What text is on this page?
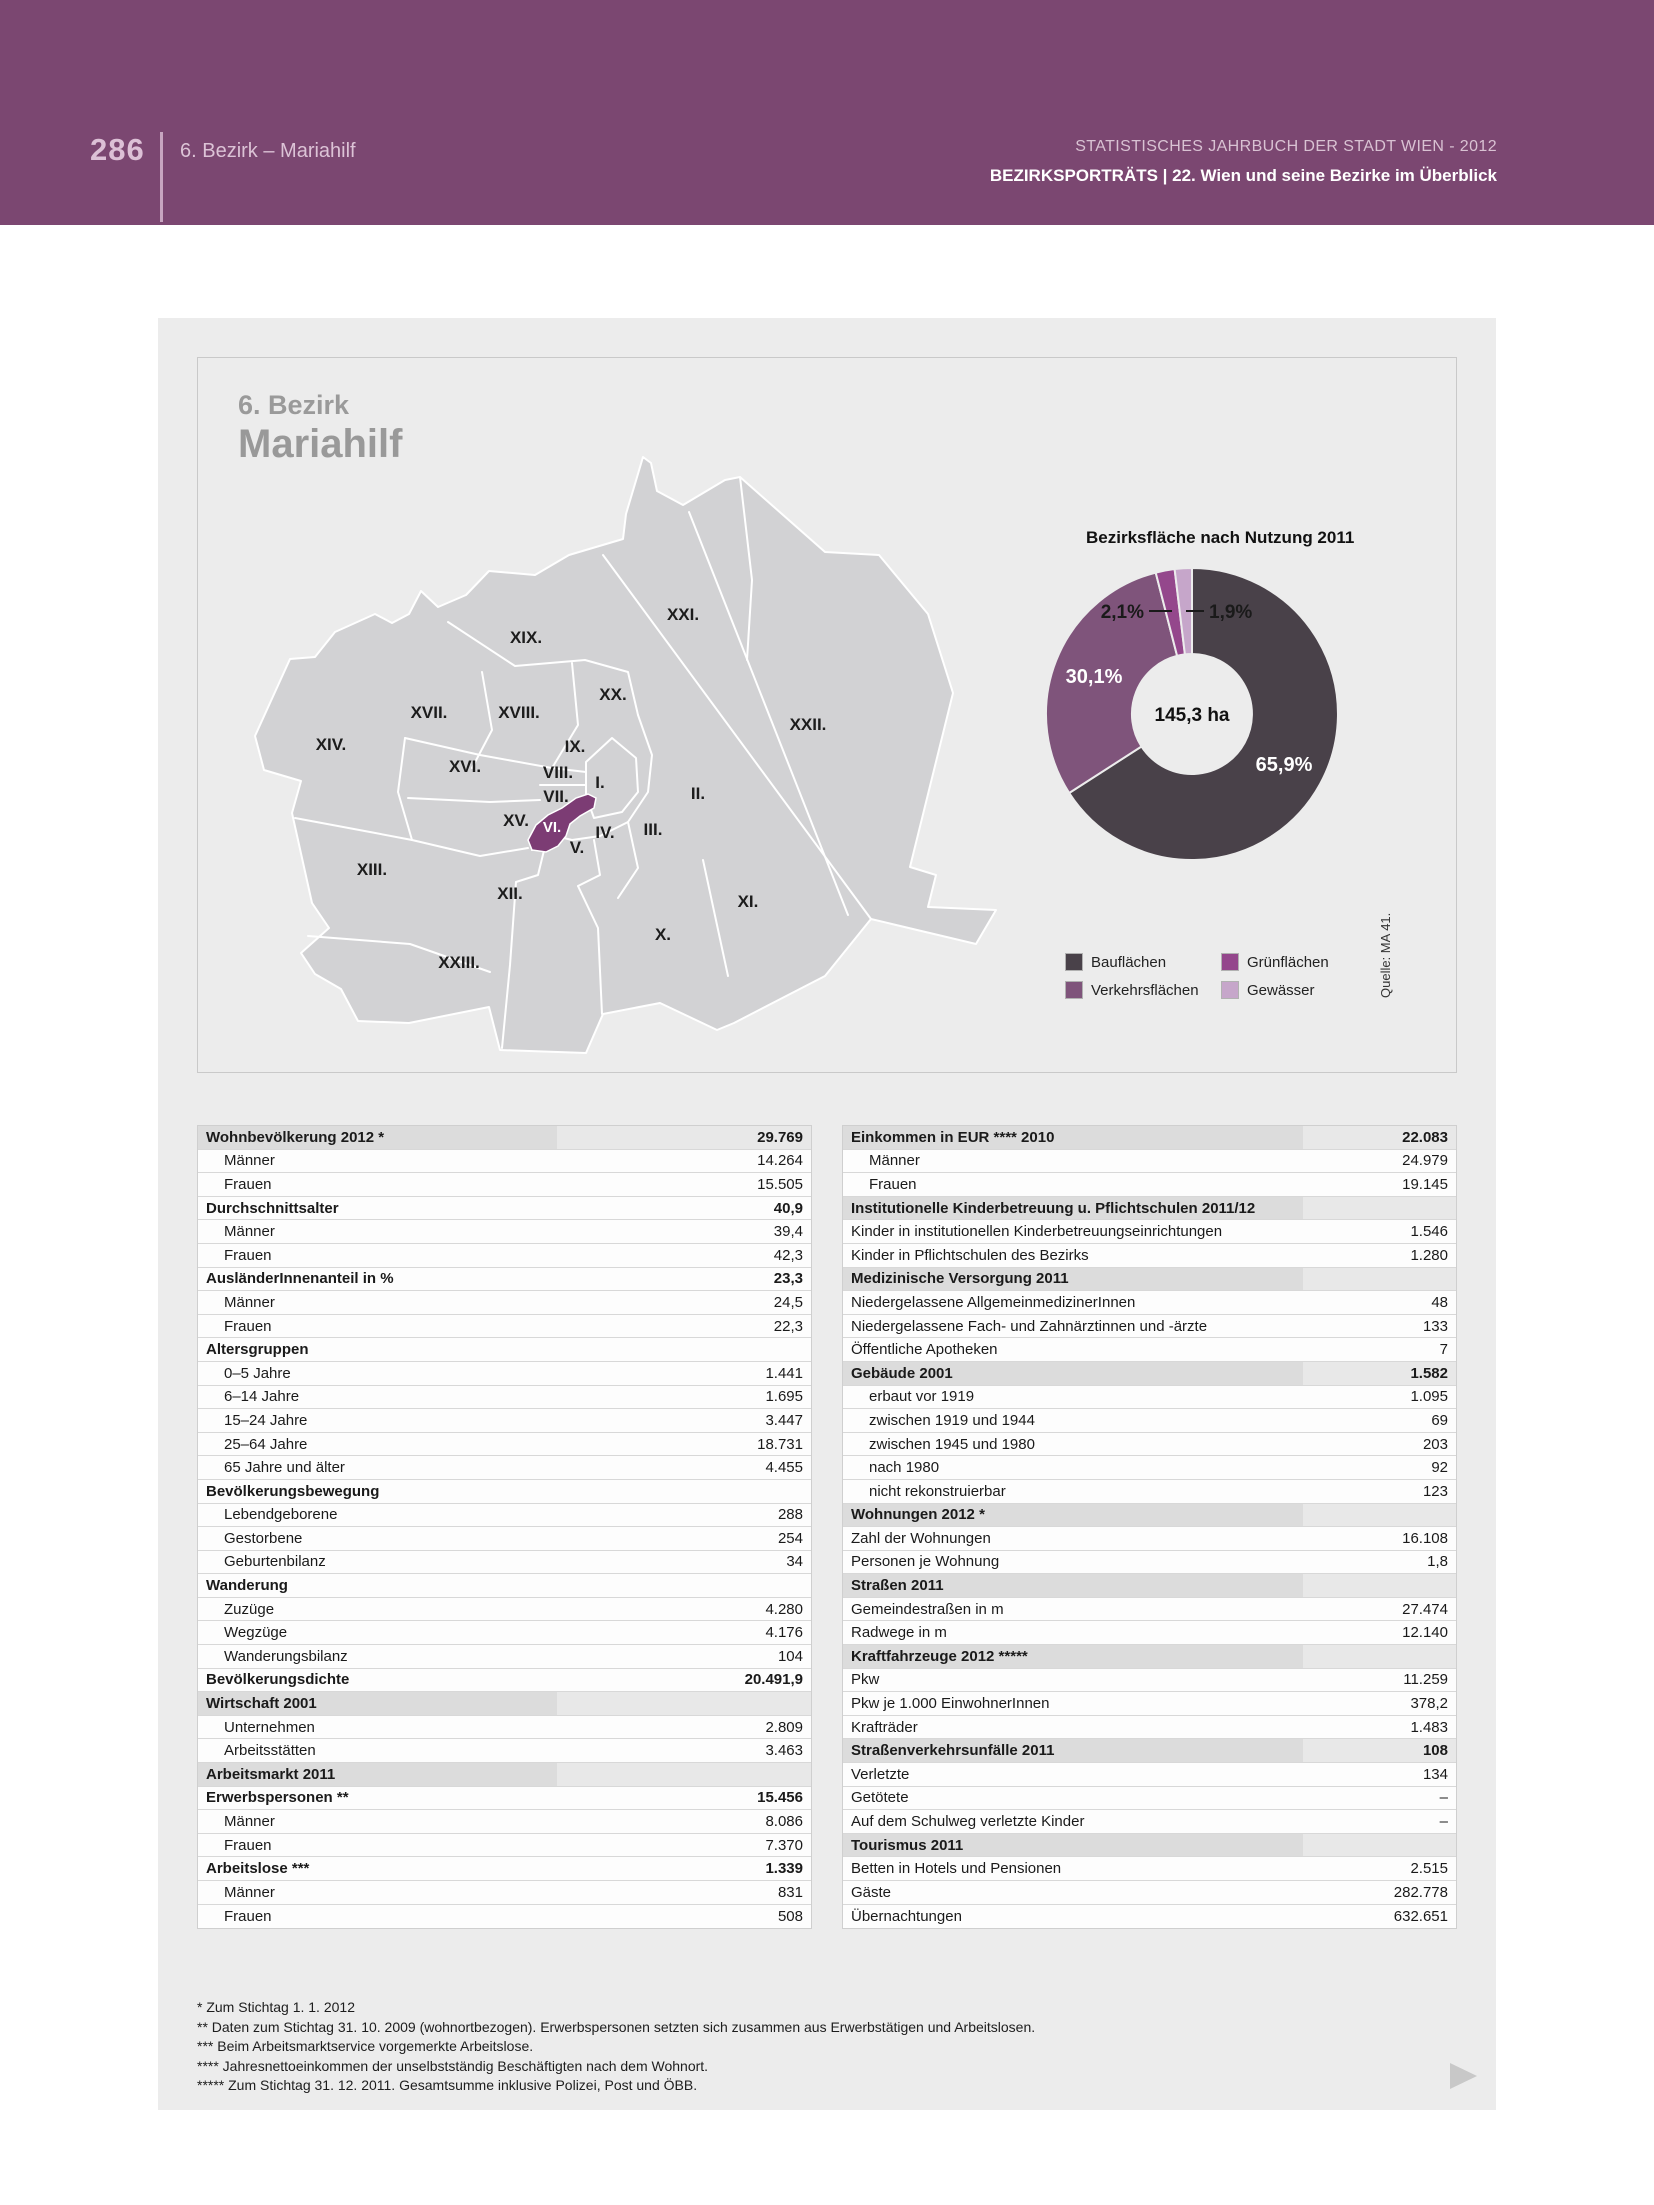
286 6. Bezirk – Mariahilf	STATISTISCHES JAHRBUCH DER STADT WIEN - 2012
BEZIRKSPORTRÄTS | 22. Wien und seine Bezirke im Überblick
6. Bezirk
Mariahilf
XXI.
XIX.
XX.
XVII.	XVIII.
XXII.
XIV.	IX.
XVI.	VIII.
I.
II.
VII.
XV.
IV. III.
V.
XIII.
XII.	XI.
X.
XXIII.
VI.
Bezirksfläche nach Nutzung 2011
65,9%
30,1%
2,1%	1,9%
145,3 ha
Bauflächen
Verkehrsflächen
Grünflächen
Gewässer	Quelle: MA 41.
Wohnbevölkerung 2012 *	29.769
Männer	14.264
Frauen	15.505
Durchschnittsalter	40,9
Männer	39,4
Frauen	42,3
AusländerInnenanteil in %	23,3
Männer	24,5
Frauen	22,3
Altersgruppen
0–5 Jahre	1.441
6–14 Jahre	1.695
15–24 Jahre	3.447
25–64 Jahre	18.731
65 Jahre und älter	4.455
Bevölkerungsbewegung
Lebendgeborene	288
Gestorbene	254
Geburtenbilanz	34
Wanderung
Zuzüge	4.280
Wegzüge	4.176
Wanderungsbilanz	104
Bevölkerungsdichte	20.491,9
Wirtschaft 2001
Unternehmen	2.809
Arbeitsstätten	3.463
Arbeitsmarkt 2011
Erwerbspersonen **	15.456
Männer	8.086
Frauen	7.370
Arbeitslose ***	1.339
Männer	831
Frauen	508
Einkommen in EUR **** 2010	22.083
Männer	24.979
Frauen	19.145
Institutionelle Kinderbetreuung u. Pflichtschulen 2011/12
Kinder in institutionellen Kinderbetreuungseinrichtungen	1.546
Kinder in Pflichtschulen des Bezirks	1.280
Medizinische Versorgung 2011
Niedergelassene AllgemeinmedizinerInnen	48
Niedergelassene Fach- und Zahnärztinnen und -ärzte	133
Öffentliche Apotheken	7
Gebäude 2001	1.582
erbaut vor 1919	1.095
zwischen 1919 und 1944	69
zwischen 1945 und 1980	203
nach 1980	92
nicht rekonstruierbar	123
Wohnungen 2012 *
Zahl der Wohnungen	16.108
Personen je Wohnung	1,8
Straßen 2011
Gemeindestraßen in m	27.474
Radwege in m	12.140
Kraftfahrzeuge 2012 *****
Pkw	11.259
Pkw je 1.000 EinwohnerInnen	378,2
Krafträder	1.483
Straßenverkehrsunfälle 2011	108
Verletzte	134
Getötete	–
Auf dem Schulweg verletzte Kinder	–
Tourismus 2011
Betten in Hotels und Pensionen	2.515
Gäste	282.778
Übernachtungen	632.651
* Zum Stichtag 1. 1. 2012
** Daten zum Stichtag 31. 10. 2009 (wohnortbezogen). Erwerbspersonen setzten sich zusammen aus Erwerbstätigen und Arbeitslosen.
*** Beim Arbeitsmarktservice vorgemerkte Arbeitslose.
**** Jahresnettoeinkommen der unselbstständig Beschäftigten nach dem Wohnort.
***** Zum Stichtag 31. 12. 2011. Gesamtsumme inklusive Polizei, Post und ÖBB.
